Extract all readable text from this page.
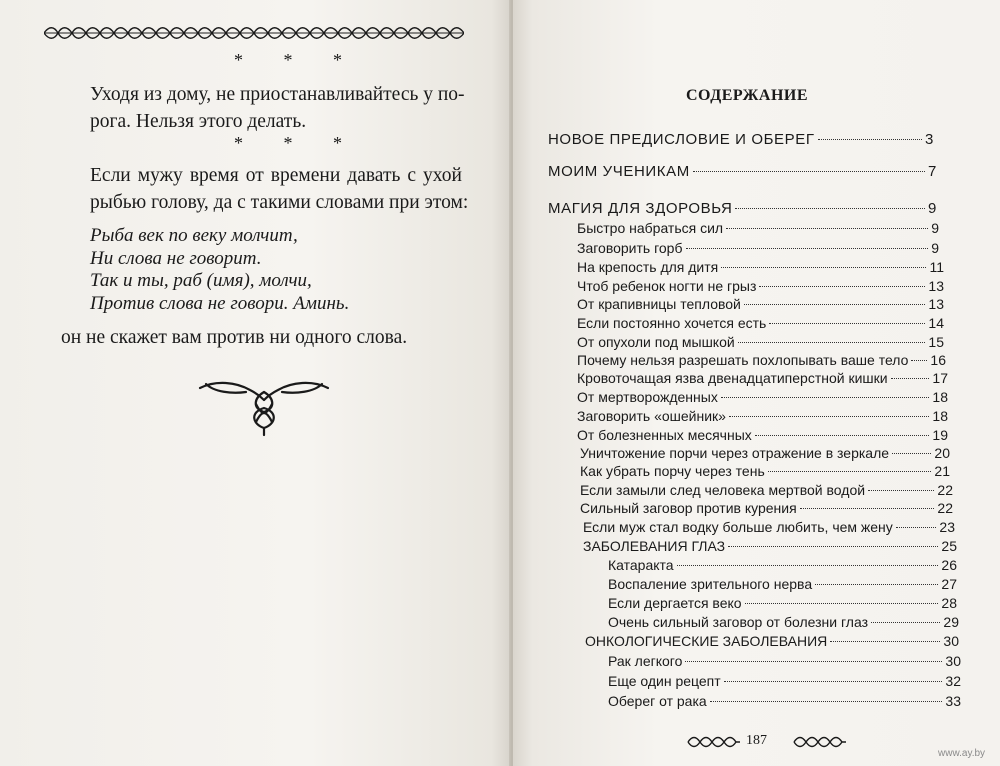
* * *

Уходя из дому, не приостанавливайтесь у по-
рога. Нельзя этого делать.

* * *

Если мужу время от времени давать с ухой
рыбью голову, да с такими словами при этом:

Рыба век по веку молчит,
Ни слова не говорит.
Так и ты, раб (имя), молчи,
Против слова не говори. Аминь.

он не скажет вам против ни одного слова.

СОДЕРЖАНИЕ
НОВОЕ ПРЕДИСЛОВИЕ И ОБЕРЕГ	3
МОИМ УЧЕНИКАМ	7
МАГИЯ ДЛЯ ЗДОРОВЬЯ	9
Быстро набраться сил	9
Заговорить горб	9
На крепость для дитя	11
Чтоб ребенок ногти не грыз	13
От крапивницы тепловой	13
Если постоянно хочется есть	14
От опухоли под мышкой	15
Почему нельзя разрешать похлопывать ваше тело 16
Кровоточащая язва двенадцатиперстной кишки	17
От мертворожденных	18
Заговорить «ошейник»	18
От болезненных месячных	19
Уничтожение порчи через отражение в зеркале	20
Как убрать порчу через тень	21
Если замыли след человека мертвой водой	22
Сильный заговор против курения	22
Если муж стал водку больше любить, чем жену	23
ЗАБОЛЕВАНИЯ ГЛАЗ	25
Катаракта	26
Воспаление зрительного нерва	27
Если дергается веко	28
Очень сильный заговор от болезни глаз	29
ОНКОЛОГИЧЕСКИЕ ЗАБОЛЕВАНИЯ	30
Рак легкого	30
Еще один рецепт	32
Оберег от рака	33
187
www.ay.by
